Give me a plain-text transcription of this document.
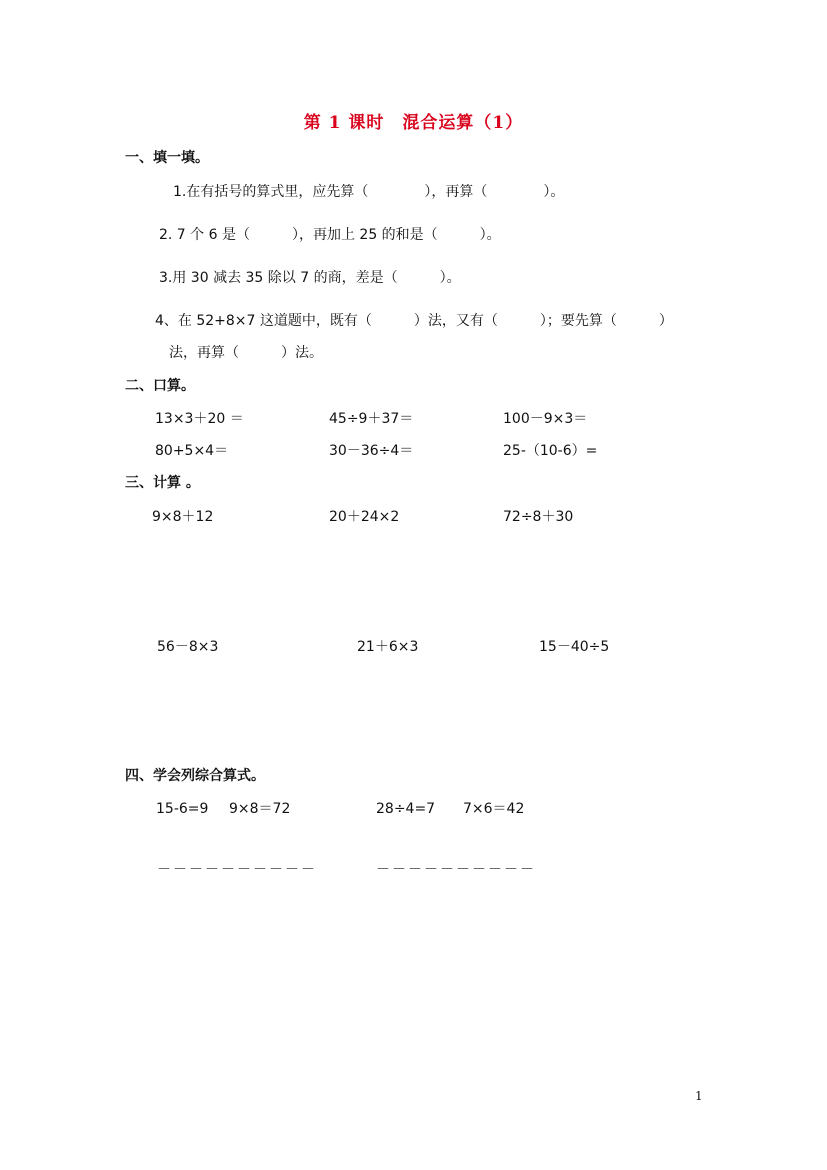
第 1 课时　混合运算（1）
一、填一填。
1.在有括号的算式里，应先算（　　　　），再算（　　　　）。
2. 7 个 6 是（　　　），再加上 25 的和是（　　　）。
3.用 30 减去 35 除以 7 的商，差是（　　　）。
4、在 52+8×7 这道题中，既有（　　　）法，又有（　　　）；要先算（　　　）
法，再算（　　　）法。
二、口算。
13×3＋20 ＝	45÷9＋37＝	100－9×3＝
80+5×4＝	30－36÷4＝	25-（10-6）=
三、计算 。
9×8＋12	20＋24×2	72÷8＋30
56－8×3	21＋6×3	15－40÷5
四、学会列综合算式。
15-6=9 9×8＝72	28÷4=7 7×6＝42
－－－－－－－－－－	－－－－－－－－－－
1
